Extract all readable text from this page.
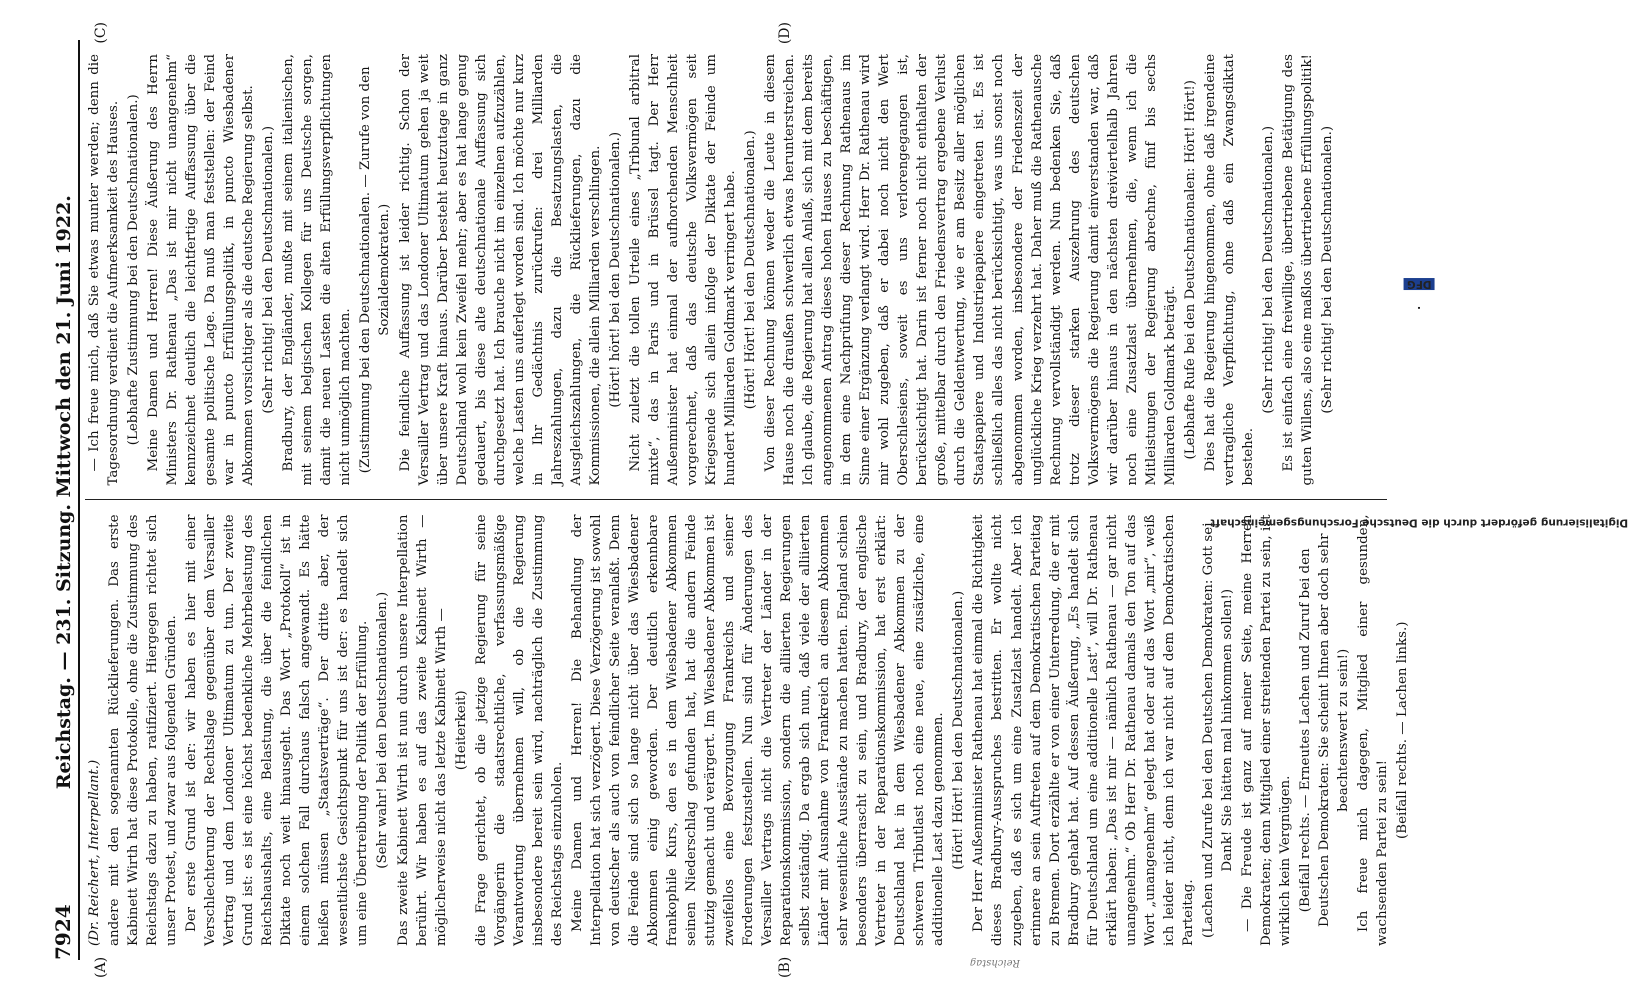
7924
Reichstag. — 231. Sitzung. Mittwoch den 21. Juni 1922.

(Dr. Reichert, Interpellant.) andere mit den sogenannten Rücklieferungen. Das erste Kabinett Wirth hat diese Protokolle, ohne die Zustimmung des Reichstags dazu zu haben, ratifiziert. Hiergegen richtet sich unser Protest, und zwar aus folgenden Gründen. Der erste Grund ist der: wir haben es hier mit einer Verschlechterung der Rechtslage gegenüber dem Versailler Vertrag und dem Londoner Ultimatum zu tun. Der zweite Grund ist: es ist eine höchst bedenkliche Mehrbelastung des Reichshaushalts, eine Belastung, die über die feindlichen Diktate noch weit hinausgeht. Das Wort „Protokoll“ ist in einem solchen Fall durchaus falsch angewandt. Es hätte heißen müssen „Staatsverträge“. Der dritte aber, der wesentlichste Gesichtspunkt für uns ist der: es handelt sich um eine Übertreibung der Politik der Erfüllung. (Sehr wahr! bei den Deutschnationalen.) Das zweite Kabinett Wirth ist nun durch unsere Interpellation berührt. Wir haben es auf das zweite Kabinett Wirth — möglicherweise nicht das letzte Kabinett Wirth — (Heiterkeit) die Frage gerichtet, ob die jetzige Regierung für seine Vorgängerin die staatsrechtliche, verfassungsmäßige Verantwortung übernehmen will, ob die Regierung insbesondere bereit sein wird, nachträglich die Zustimmung des Reichstags einzuholen. Meine Damen und Herren! Die Behandlung der Interpellation hat sich verzögert. Diese Verzögerung ist sowohl von deutscher als auch von feindlicher Seite veranlaßt. Denn die Feinde sind sich so lange nicht über das Wiesbadener Abkommen einig geworden. Der deutlich erkennbare frankophile Kurs, den es in dem Wiesbadener Abkommen seinen Niederschlag gefunden hat, hat die andern Feinde stutzig gemacht und verärgert. Im Wiesbadener Abkommen ist zweifellos eine Bevorzugung Frankreichs und seiner Forderungen festzustellen. Nun sind für Änderungen des Versailler Vertrags nicht die Vertreter der Länder in der Reparationskommission, sondern die alliierten Regierungen selbst zuständig. Da ergab sich nun, daß viele der alliierten Länder mit Ausnahme von Frankreich an diesem Abkommen sehr wesentliche Ausstände zu machen hatten. England schien besonders überrascht zu sein, und Bradbury, der englische Vertreter in der Reparationskommission, hat erst erklärt: Deutschland hat in dem Wiesbadener Abkommen zu der schweren Tributlast noch eine neue, eine zusätzliche, eine additionelle Last dazu genommen. (Hört! Hört! bei den Deutschnationalen.) Der Herr Außenminister Rathenau hat einmal die Richtigkeit dieses Bradbury-Ausspruches bestritten. Er wollte nicht zugeben, daß es sich um eine Zusatzlast handelt. Aber ich erinnere an sein Auftreten auf dem Demokratischen Parteitag zu Bremen. Dort erzählte er von einer Unterredung, die er mit Bradbury gehabt hat. Auf dessen Äußerung, „Es handelt sich für Deutschland um eine additionelle Last“, will Dr. Rathenau erklärt haben: „Das ist mir — nämlich Rathenau — gar nicht unangenehm.“ Ob Herr Dr. Rathenau damals den Ton auf das Wort „unangenehm“ gelegt hat oder auf das Wort „mir“, weiß ich leider nicht, denn ich war nicht auf dem Demokratischen Parteitag. (Lachen und Zurufe bei den Deutschen Demokraten: Gott sei Dank! Sie hätten mal hinkommen sollen!) — Die Freude ist ganz auf meiner Seite, meine Herren Demokraten; denn Mitglied einer streitenden Partei zu sein, ist wirklich kein Vergnügen. (Beifall rechts. — Erneutes Lachen und Zuruf bei den Deutschen Demokraten: Sie scheint Ihnen aber doch sehr beachtenswert zu sein!) Ich freue mich dagegen, Mitglied einer gesunden, wachsenden Partei zu sein!

(Beifall rechts. — Lachen links.)

— Ich freue mich, daß Sie etwas munter werden; denn die Tagesordnung verdient die Aufmerksamkeit des Hauses. (Lebhafte Zustimmung bei den Deutschnationalen.) Meine Damen und Herren! Diese Äußerung des Herrn Ministers Dr. Rathenau „Das ist mir nicht unangenehm“ kennzeichnet deutlich die leichtfertige Auffassung über die gesamte politische Lage. Da muß man feststellen: der Feind war in puncto Erfüllungspolitik, in puncto Wiesbadener Abkommen vorsichtiger als die deutsche Regierung selbst. (Sehr richtig! bei den Deutschnationalen.) Bradbury, der Engländer, mußte mit seinem italienischen, mit seinem belgischen Kollegen für uns Deutsche sorgen, damit die neuen Lasten die alten Erfüllungsverpflichtungen nicht unmöglich machten. (Zustimmung bei den Deutschnationalen. — Zurufe von den Sozialdemokraten.) Die feindliche Auffassung ist leider richtig. Schon der Versailler Vertrag und das Londoner Ultimatum gehen ja weit über unsere Kraft hinaus. Darüber besteht heutzutage in ganz Deutschland wohl kein Zweifel mehr; aber es hat lange genug gedauert, bis diese alte deutschnationale Auffassung sich durchgesetzt hat. Ich brauche nicht im einzelnen aufzuzählen, welche Lasten uns auferlegt worden sind. Ich möchte nur kurz in Ihr Gedächtnis zurückrufen: drei Milliarden Jahreszahlungen, dazu die Besatzungslasten, die Ausgleichszahlungen, die Rücklieferungen, dazu die Kommissionen, die allein Milliarden verschlingen. (Hört! hört! bei den Deutschnationalen.) Nicht zuletzt die tollen Urteile eines „Tribunal arbitral mixte“, das in Paris und in Brüssel tagt. Der Herr Außenminister hat einmal der aufhorchenden Menschheit vorgerechnet, daß das deutsche Volksvermögen seit Kriegsende sich allein infolge der Diktate der Feinde um hundert Milliarden Goldmark verringert habe. (Hört! Hört! bei den Deutschnationalen.) Von dieser Rechnung können weder die Leute in diesem Hause noch die draußen schwerlich etwas herunterstreichen. Ich glaube, die Regierung hat allen Anlaß, sich mit dem bereits angenommenen Antrag dieses hohen Hauses zu beschäftigen, in dem eine Nachprüfung dieser Rechnung Rathenaus im Sinne einer Ergänzung verlangt wird. Herr Dr. Rathenau wird mir wohl zugeben, daß er dabei noch nicht den Wert Oberschlesiens, soweit es uns verlorengegangen ist, berücksichtigt hat. Darin ist ferner noch nicht enthalten der große, mittelbar durch den Friedensvertrag ergebene Verlust durch die Geldentwertung, wie er am Besitz aller möglichen Staatspapiere und Industriepapiere eingetreten ist. Es ist schließlich alles das nicht berücksichtigt, was uns sonst noch abgenommen worden, insbesondere der Friedenszeit der unglückliche Krieg verzehrt hat. Daher muß die Rathenausche Rechnung vervollständigt werden. Nun bedenken Sie, daß trotz dieser starken Auszehrung des deutschen Volksvermögens die Regierung damit einverstanden war, daß wir darüber hinaus in den nächsten dreiviertelhalb Jahren noch eine Zusatzlast übernehmen, die, wenn ich die Mitleistungen der Regierung abrechne, fünf bis sechs Milliarden Goldmark beträgt. (Lebhafte Rufe bei den Deutschnationalen: Hört! Hört!) Dies hat die Regierung hingenommen, ohne daß irgendeine vertragliche Verpflichtung, ohne daß ein Zwangsdiktat bestehe.

(Sehr richtig! bei den Deutschnationalen.) Es ist einfach eine freiwillige, übertriebene Betätigung des guten Willens, also eine maßlos übertriebene Erfüllungspolitik! (Sehr richtig! bei den Deutschnationalen.)

(A)	(B)
(C)	(D)
Reichstag
Digitalisierung gefördert durch die Deutsche Forschungsgemeinschaft · DFG
